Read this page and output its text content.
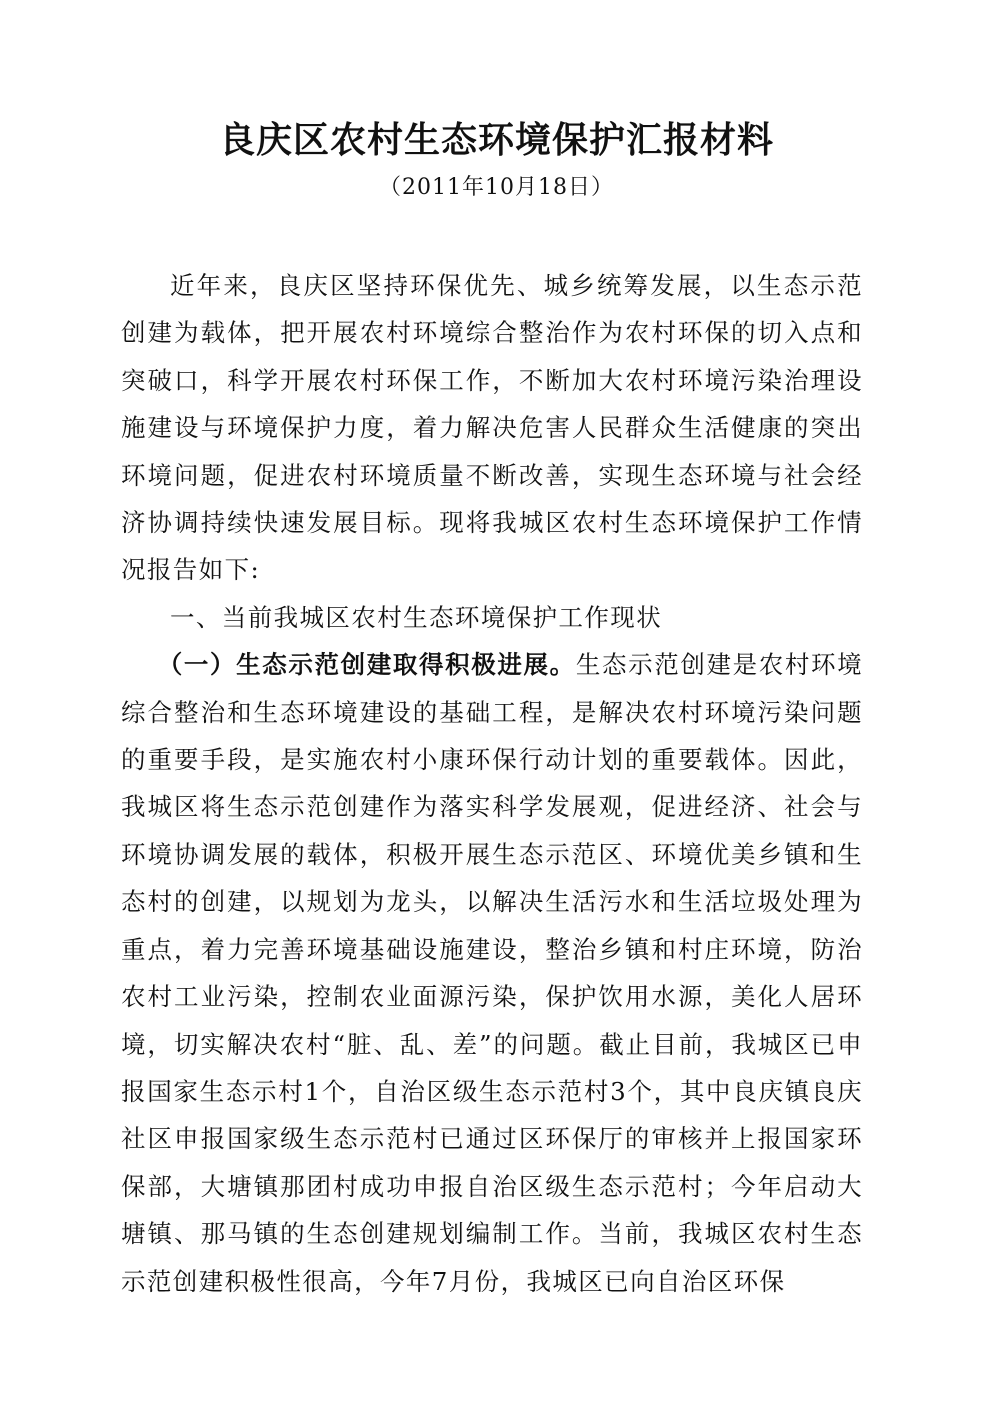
良庆区农村生态环境保护汇报材料
（2011年10月18日）

近年来，良庆区坚持环保优先、城乡统筹发展，以生态示范创建为载体，把开展农村环境综合整治作为农村环保的切入点和突破口，科学开展农村环保工作，不断加大农村环境污染治理设施建设与环境保护力度，着力解决危害人民群众生活健康的突出环境问题，促进农村环境质量不断改善，实现生态环境与社会经济协调持续快速发展目标。现将我城区农村生态环境保护工作情况报告如下:

一、当前我城区农村生态环境保护工作现状

（一）生态示范创建取得积极进展。生态示范创建是农村环境综合整治和生态环境建设的基础工程，是解决农村环境污染问题的重要手段，是实施农村小康环保行动计划的重要载体。因此，我城区将生态示范创建作为落实科学发展观，促进经济、社会与环境协调发展的载体，积极开展生态示范区、环境优美乡镇和生态村的创建，以规划为龙头，以解决生活污水和生活垃圾处理为重点，着力完善环境基础设施建设，整治乡镇和村庄环境，防治农村工业污染，控制农业面源污染，保护饮用水源，美化人居环境，切实解决农村“脏、乱、差”的问题。截止目前，我城区已申报国家生态示村1个，自治区级生态示范村3个，其中良庆镇良庆社区申报国家级生态示范村已通过区环保厅的审核并上报国家环保部，大塘镇那团村成功申报自治区级生态示范村；今年启动大塘镇、那马镇的生态创建规划编制工作。当前，我城区农村生态示范创建积极性很高，今年7月份，我城区已向自治区环保
